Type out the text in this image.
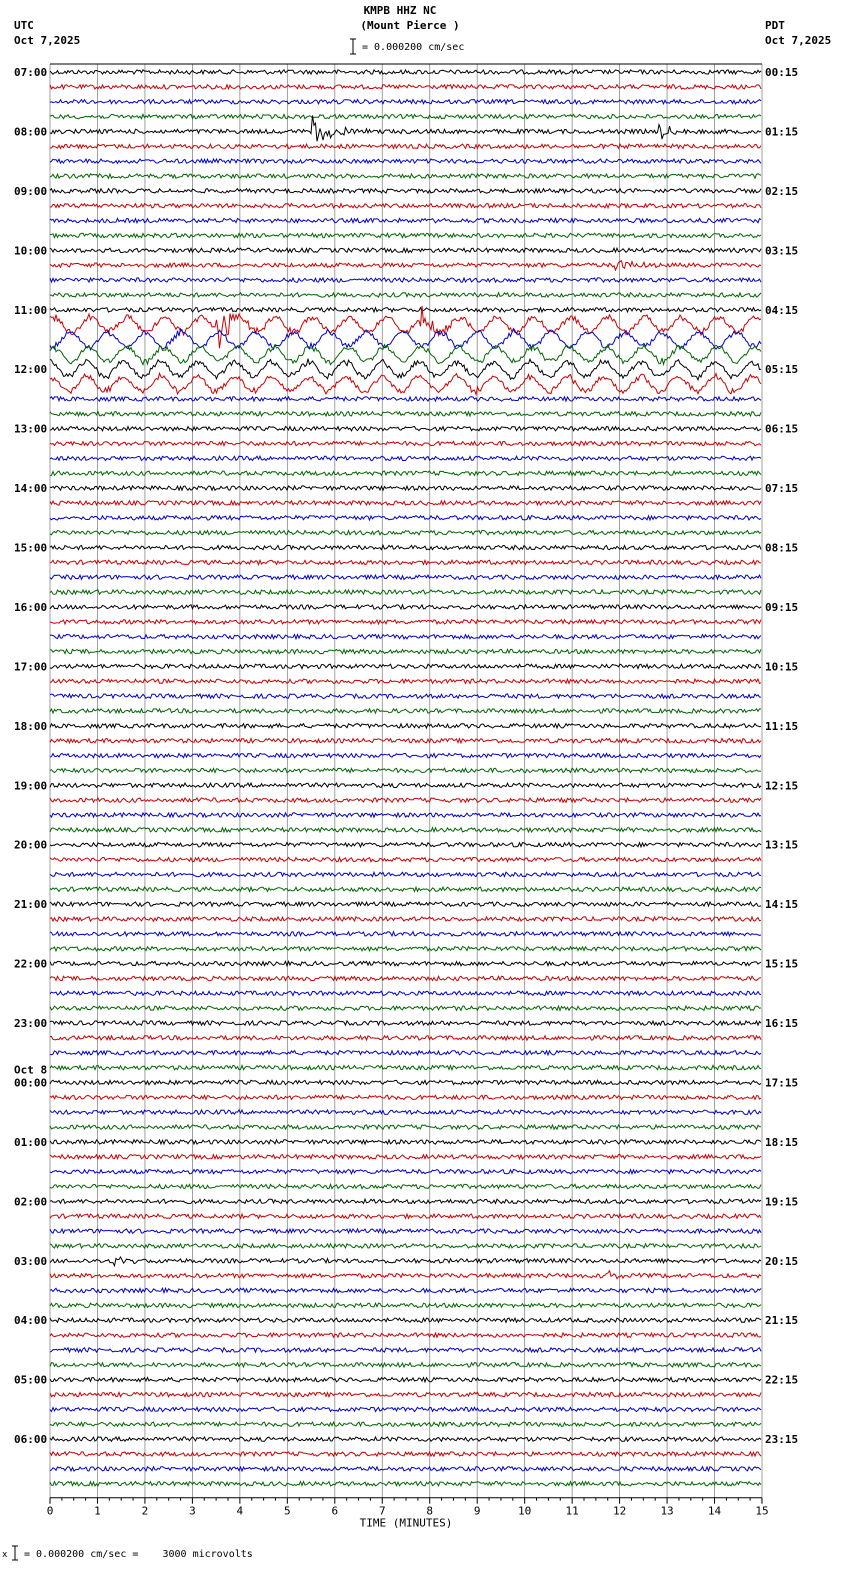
0	1	2	3	4	5	6	7	8	9	10	11	12	13	14	15
TIME (MINUTES)
07:00
08:00
09:00
10:00
11:00
12:00
13:00
14:00
15:00
16:00
17:00
18:00
19:00
20:00
21:00
22:00
23:00
00:00
Oct 8
01:00
02:00
03:00
04:00
05:00
06:00
00:15
01:15
02:15
03:15
04:15
05:15
06:15
07:15
08:15
09:15
10:15
11:15
12:15
13:15
14:15
15:15
16:15
17:15
18:15
19:15
20:15
21:15
22:15
23:15
KMPB HHZ NC
(Mount Pierce )
= 0.000200 cm/sec
UTC
Oct 7,2025
PDT
Oct 7,2025
x = 0.000200 cm/sec =    3000 microvolts
